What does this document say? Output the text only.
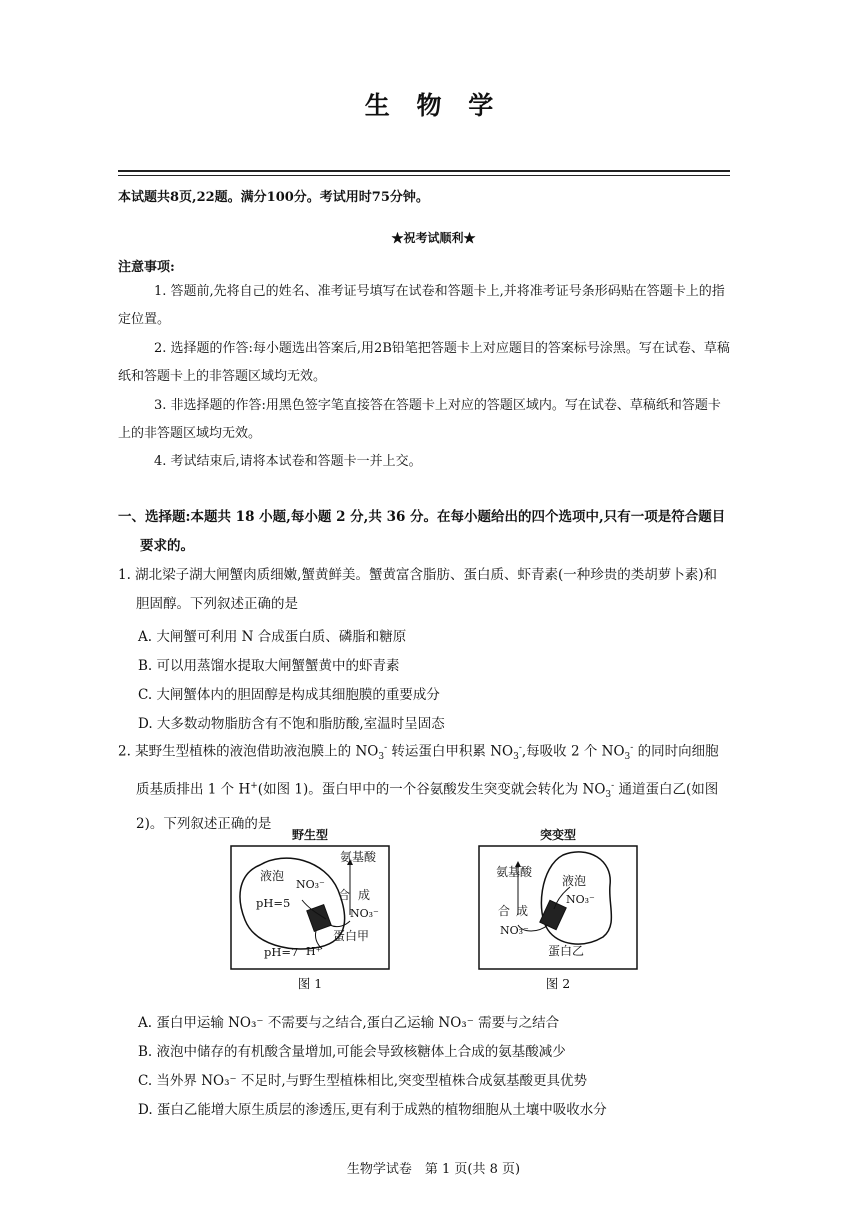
生 物 学
本试题共8页,22题。满分100分。考试用时75分钟。
★祝考试顺利★
注意事项:
1. 答题前,先将自己的姓名、准考证号填写在试卷和答题卡上,并将准考证号条形码贴在答题卡上的指定位置。
2. 选择题的作答:每小题选出答案后,用2B铅笔把答题卡上对应题目的答案标号涂黑。写在试卷、草稿纸和答题卡上的非答题区域均无效。
3. 非选择题的作答:用黑色签字笔直接答在答题卡上对应的答题区域内。写在试卷、草稿纸和答题卡上的非答题区域均无效。
4. 考试结束后,请将本试卷和答题卡一并上交。
一、选择题:本题共 18 小题,每小题 2 分,共 36 分。在每小题给出的四个选项中,只有一项是符合题目要求的。
1. 湖北梁子湖大闸蟹肉质细嫩,蟹黄鲜美。蟹黄富含脂肪、蛋白质、虾青素(一种珍贵的类胡萝卜素)和胆固醇。下列叙述正确的是
A. 大闸蟹可利用 N 合成蛋白质、磷脂和糖原
B. 可以用蒸馏水提取大闸蟹蟹黄中的虾青素
C. 大闸蟹体内的胆固醇是构成其细胞膜的重要成分
D. 大多数动物脂肪含有不饱和脂肪酸,室温时呈固态
2. 某野生型植株的液泡借助液泡膜上的 $NO_3^-$ 转运蛋白甲积累 $NO_3^-$,每吸收 2 个 $NO_3^-$ 的同时向细胞质基质排出 1 个 H+(如图 1)。蛋白甲中的一个谷氨酸发生突变就会转化为 $NO_3^-$ 通道蛋白乙(如图 2)。下列叙述正确的是
野生型
液泡
pH=5
NO₃⁻
氨基酸
合 成
NO₃⁻
蛋白甲
pH=7 H⁺
图 1
突变型
氨基酸
液泡
NO₃⁻
合 成
NO₃⁻
蛋白乙
图 2
A. 蛋白甲运输 NO₃⁻ 不需要与之结合,蛋白乙运输 NO₃⁻ 需要与之结合
B. 液泡中储存的有机酸含量增加,可能会导致核糖体上合成的氨基酸减少
C. 当外界 NO₃⁻ 不足时,与野生型植株相比,突变型植株合成氨基酸更具优势
D. 蛋白乙能增大原生质层的渗透压,更有利于成熟的植物细胞从土壤中吸收水分
生物学试卷　第 1 页(共 8 页)
